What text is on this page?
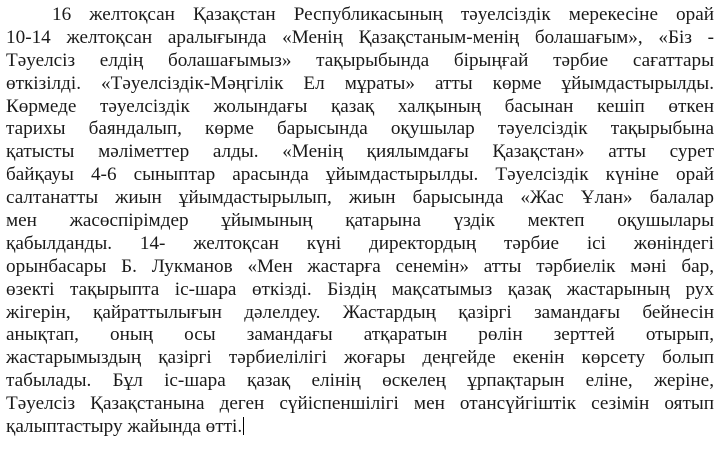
16 желтоқсан Қазақстан Республикасының тәуелсіздік мерекесіне орай
10-14 желтоқсан аралығында «Менің Қазақстаным-менің болашағым», «Біз -
Тәуелсіз елдің болашағымыз» тақырыбында бірыңғай тәрбие сағаттары
өткізілді. «Тәуелсіздік-Мәңгілік Ел мұраты» атты көрме ұйымдастырылды.
Көрмеде тәуелсіздік жолындағы қазақ халқының басынан кешіп өткен
тарихы баяндалып, көрме барысында оқушылар тәуелсіздік тақырыбына
қатысты мәліметтер алды. «Менің қиялымдағы Қазақстан» атты сурет
байқауы 4-6 сыныптар арасында ұйымдастырылды. Тәуелсіздік күніне орай
салтанатты жиын ұйымдастырылып, жиын барысында «Жас Ұлан» балалар
мен жасөспірімдер ұйымының қатарына үздік мектеп оқушылары
қабылданды. 14- желтоқсан күні директордың тәрбие ісі жөніндегі
орынбасары Б. Лукманов «Мен жастарға сенемін» атты тәрбиелік мәні бар,
өзекті тақырыпта іс-шара өткізді. Біздің мақсатымыз қазақ жастарының рух
жігерін, қайраттылығын дәлелдеу. Жастардың қазіргі замандағы бейнесін
анықтап, оның осы замандағы атқаратын рөлін зерттей отырып,
жастарымыздың қазіргі тәрбиелілігі жоғары деңгейде екенін көрсету болып
табылады. Бұл іс-шара қазақ елінің өскелең ұрпақтарын еліне, жеріне,
Тәуелсіз Қазақстанына деген сүйіспеншілігі мен отансүйгіштік сезімін оятып
қалыптастыру жайында өтті.
